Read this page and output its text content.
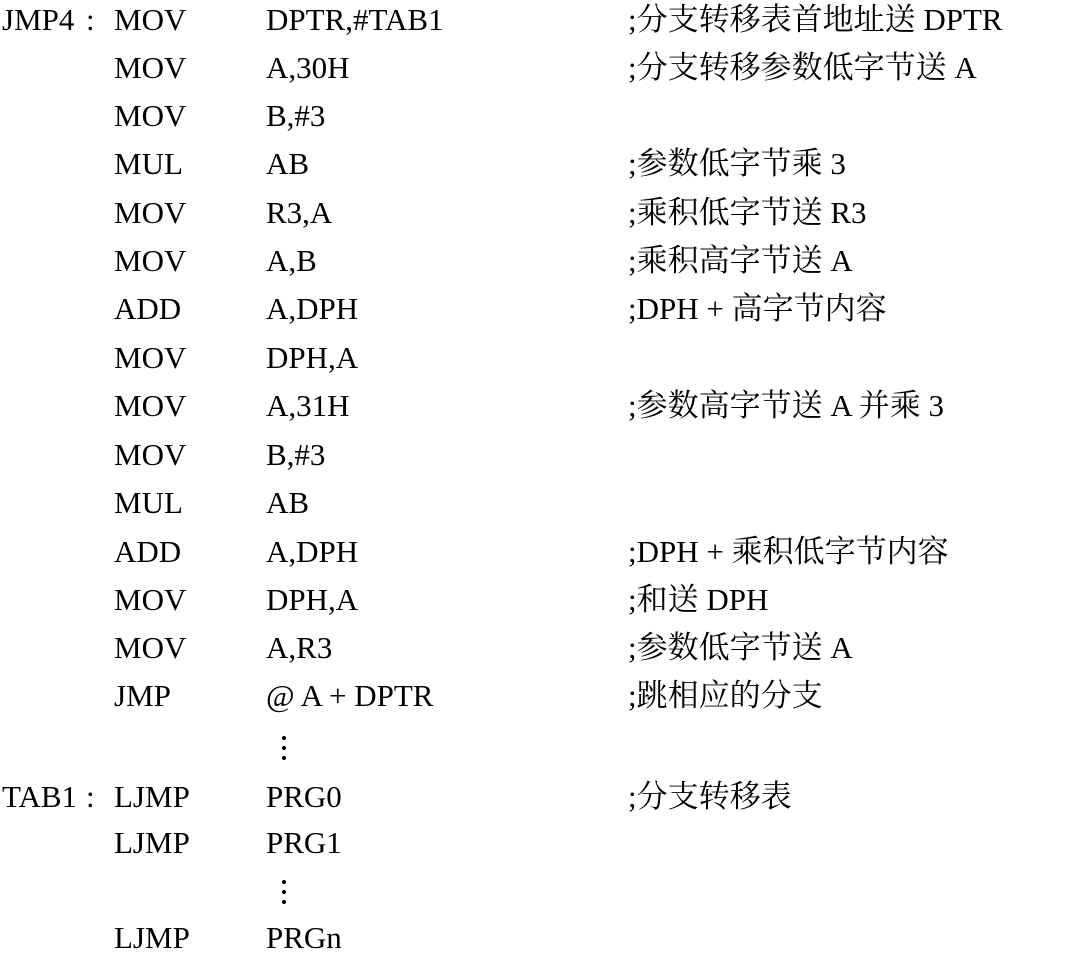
JMP4 : MOV	DPTR,#TAB1	;分支转移表首地址送 DPTR
MOV	A,30H	;分支转移参数低字节送 A
MOV	B,#3
MUL	AB	;参数低字节乘 3
MOV	R3,A	;乘积低字节送 R3
MOV	A,B	;乘积高字节送 A
ADD	A,DPH	;DPH + 高字节内容
MOV	DPH,A
MOV	A,31H	;参数高字节送 A 并乘 3
MOV	B,#3
MUL	AB
ADD	A,DPH	;DPH + 乘积低字节内容
MOV	DPH,A	;和送 DPH
MOV	A,R3	;参数低字节送 A
JMP	@ A + DPTR	;跳相应的分支
TAB1 : LJMP PRG0	;分支转移表
LJMP PRG1
LJMP PRGn
